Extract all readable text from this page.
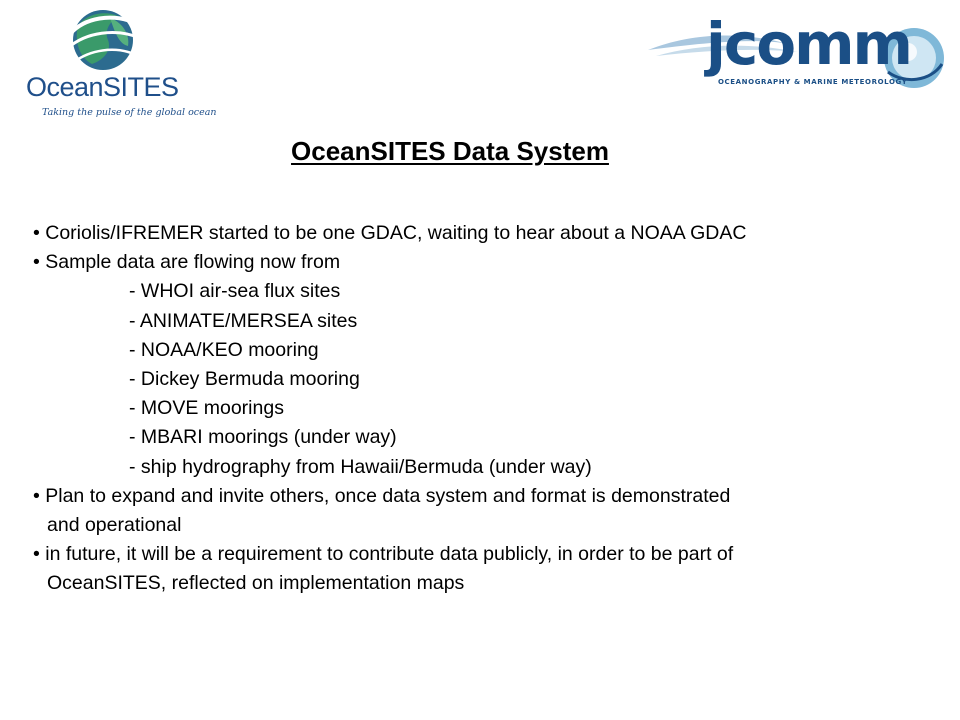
OceanSITES
Taking the pulse of the global ocean
jcomm
OCEANOGRAPHY & MARINE METEOROLOGY
OceanSITES Data System
• Coriolis/IFREMER started to be one GDAC, waiting to hear about a NOAA GDAC
• Sample data are flowing now from
- WHOI air-sea flux sites
- ANIMATE/MERSEA sites
- NOAA/KEO mooring
- Dickey Bermuda mooring
- MOVE moorings
- MBARI moorings (under way)
- ship hydrography from Hawaii/Bermuda (under way)
• Plan to expand and invite others, once data system and format is demonstrated
and operational
• in future, it will be a requirement to contribute data publicly, in order to be part of
OceanSITES, reflected on implementation maps
